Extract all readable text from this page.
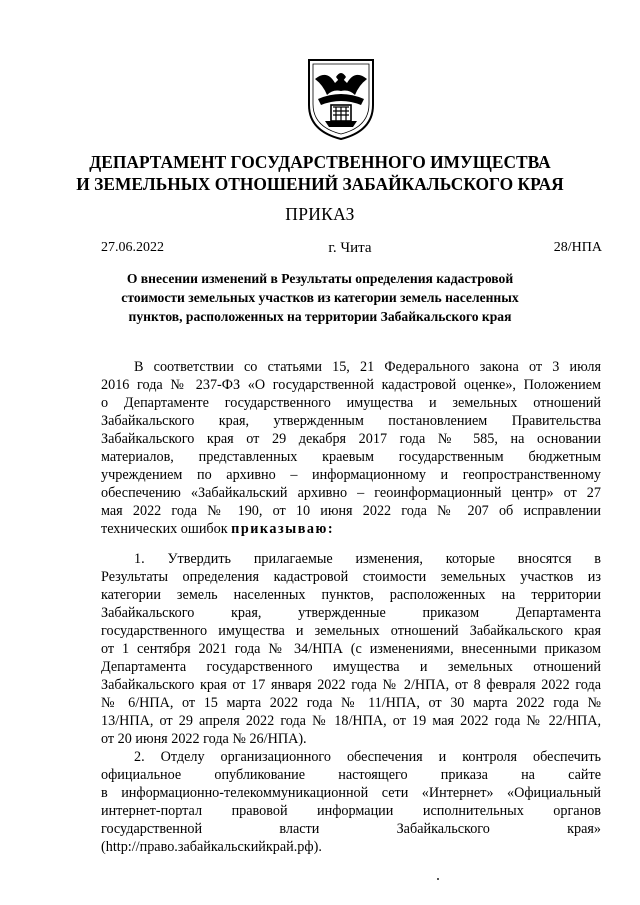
ДЕПАРТАМЕНТ ГОСУДАРСТВЕННОГО ИМУЩЕСТВА
И ЗЕМЕЛЬНЫХ ОТНОШЕНИЙ ЗАБАЙКАЛЬСКОГО КРАЯ
ПРИКАЗ
27.06.2022	г. Чита	28/НПА
О внесении изменений в Результаты определения кадастровой
стоимости земельных участков из категории земель населенных
пунктов, расположенных на территории Забайкальского края
В соответствии со статьями 15, 21 Федерального закона от 3 июля
2016 года № 237-ФЗ «О государственной кадастровой оценке», Положением
о Департаменте государственного имущества и земельных отношений
Забайкальского края, утвержденным постановлением Правительства
Забайкальского края от 29 декабря 2017 года № 585, на основании
материалов, представленных краевым государственным бюджетным
учреждением по архивно – информационному и геопространственному
обеспечению «Забайкальский архивно – геоинформационный центр» от 27
мая 2022 года № 190, от 10 июня 2022 года № 207 об исправлении
технических ошибок приказываю:
1. Утвердить прилагаемые изменения, которые вносятся в
Результаты определения кадастровой стоимости земельных участков из
категории земель населенных пунктов, расположенных на территории
Забайкальского края, утвержденные приказом Департамента
государственного имущества и земельных отношений Забайкальского края
от 1 сентября 2021 года № 34/НПА (с изменениями, внесенными приказом
Департамента государственного имущества и земельных отношений
Забайкальского края от 17 января 2022 года № 2/НПА, от 8 февраля 2022 года
№ 6/НПА, от 15 марта 2022 года № 11/НПА, от 30 марта 2022 года №
13/НПА, от 29 апреля 2022 года № 18/НПА, от 19 мая 2022 года № 22/НПА,
от 20 июня 2022 года № 26/НПА).
2. Отделу организационного обеспечения и контроля обеспечить
официальное опубликование настоящего приказа на сайте
в информационно-телекоммуникационной сети «Интернет» «Официальный
интернет-портал правовой информации исполнительных органов
государственной власти Забайкальского края»
(http://право.забайкальскийкрай.рф).
